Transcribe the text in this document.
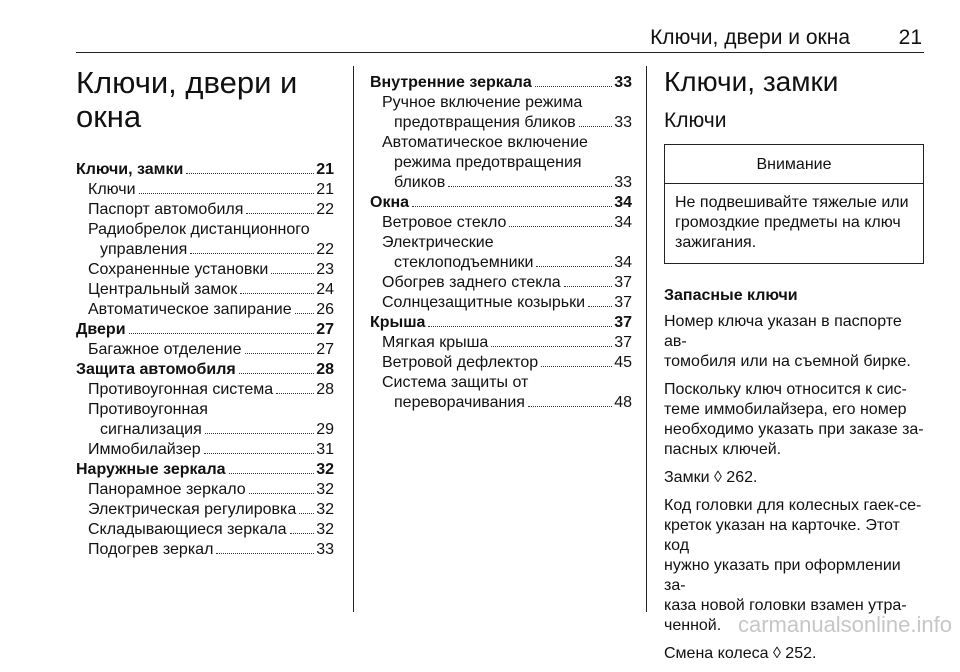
Ключи, двери и окна 21
Ключи, двери и
окна
Ключи, замки	21
Ключи	21
Паспорт автомобиля	22
Радиобрелок дистанционного
управления	22
Сохраненные установки	23
Центральный замок	24
Автоматическое запирание 26
Двери	27
Багажное отделение	27
Защита автомобиля	28
Противоугонная система	28
Противоугонная
сигнализация	29
Иммобилайзер	31
Наружные зеркала	32
Панорамное зеркало	32
Электрическая регулировка 32
Складывающиеся зеркала 32
Подогрев зеркал	33
Внутренние зеркала	33
Ручное включение режима
предотвращения бликов 33
Автоматическое включение
режима предотвращения
бликов	33
Окна	34
Ветровое стекло	34
Электрические
стеклоподъемники	34
Обогрев заднего стекла	37
Солнцезащитные козырьки 37
Крыша	37
Мягкая крыша	37
Ветровой дефлектор	45
Система защиты от
переворачивания	48
Ключи, замки
Ключи
Внимание
Не подвешивайте тяжелые или
громоздкие предметы на ключ
зажигания.
Запасные ключи
Номер ключа указан в паспорте ав-
томобиля или на съемной бирке.
Поскольку ключ относится к сис-
теме иммобилайзера, его номер
необходимо указать при заказе за-
пасных ключей.
Замки ◊ 262.
Код головки для колесных гаек-се-
креток указан на карточке. Этот код
нужно указать при оформлении за-
каза новой головки взамен утра-
ченной.
Смена колеса ◊ 252.
carmanualsonline.info
